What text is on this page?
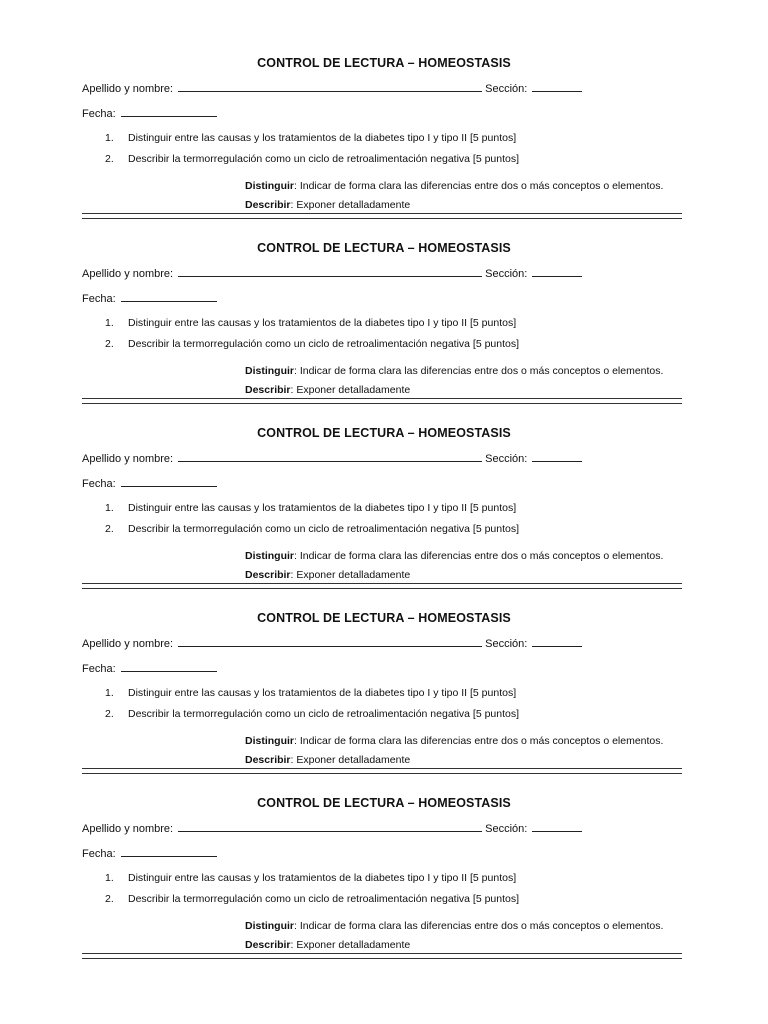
CONTROL DE LECTURA – HOMEOSTASIS
Apellido y nombre:	Sección:
Fecha:
1. Distinguir entre las causas y los tratamientos de la diabetes tipo I y tipo II [5 puntos]
2. Describir la termorregulación como un ciclo de retroalimentación negativa [5 puntos]
Distinguir: Indicar de forma clara las diferencias entre dos o más conceptos o elementos.
Describir: Exponer detalladamente
CONTROL DE LECTURA – HOMEOSTASIS
Apellido y nombre:	Sección:
Fecha:
1. Distinguir entre las causas y los tratamientos de la diabetes tipo I y tipo II [5 puntos]
2. Describir la termorregulación como un ciclo de retroalimentación negativa [5 puntos]
Distinguir: Indicar de forma clara las diferencias entre dos o más conceptos o elementos.
Describir: Exponer detalladamente
CONTROL DE LECTURA – HOMEOSTASIS
Apellido y nombre:	Sección:
Fecha:
1. Distinguir entre las causas y los tratamientos de la diabetes tipo I y tipo II [5 puntos]
2. Describir la termorregulación como un ciclo de retroalimentación negativa [5 puntos]
Distinguir: Indicar de forma clara las diferencias entre dos o más conceptos o elementos.
Describir: Exponer detalladamente
CONTROL DE LECTURA – HOMEOSTASIS
Apellido y nombre:	Sección:
Fecha:
1. Distinguir entre las causas y los tratamientos de la diabetes tipo I y tipo II [5 puntos]
2. Describir la termorregulación como un ciclo de retroalimentación negativa [5 puntos]
Distinguir: Indicar de forma clara las diferencias entre dos o más conceptos o elementos.
Describir: Exponer detalladamente
CONTROL DE LECTURA – HOMEOSTASIS
Apellido y nombre:	Sección:
Fecha:
1. Distinguir entre las causas y los tratamientos de la diabetes tipo I y tipo II [5 puntos]
2. Describir la termorregulación como un ciclo de retroalimentación negativa [5 puntos]
Distinguir: Indicar de forma clara las diferencias entre dos o más conceptos o elementos.
Describir: Exponer detalladamente
